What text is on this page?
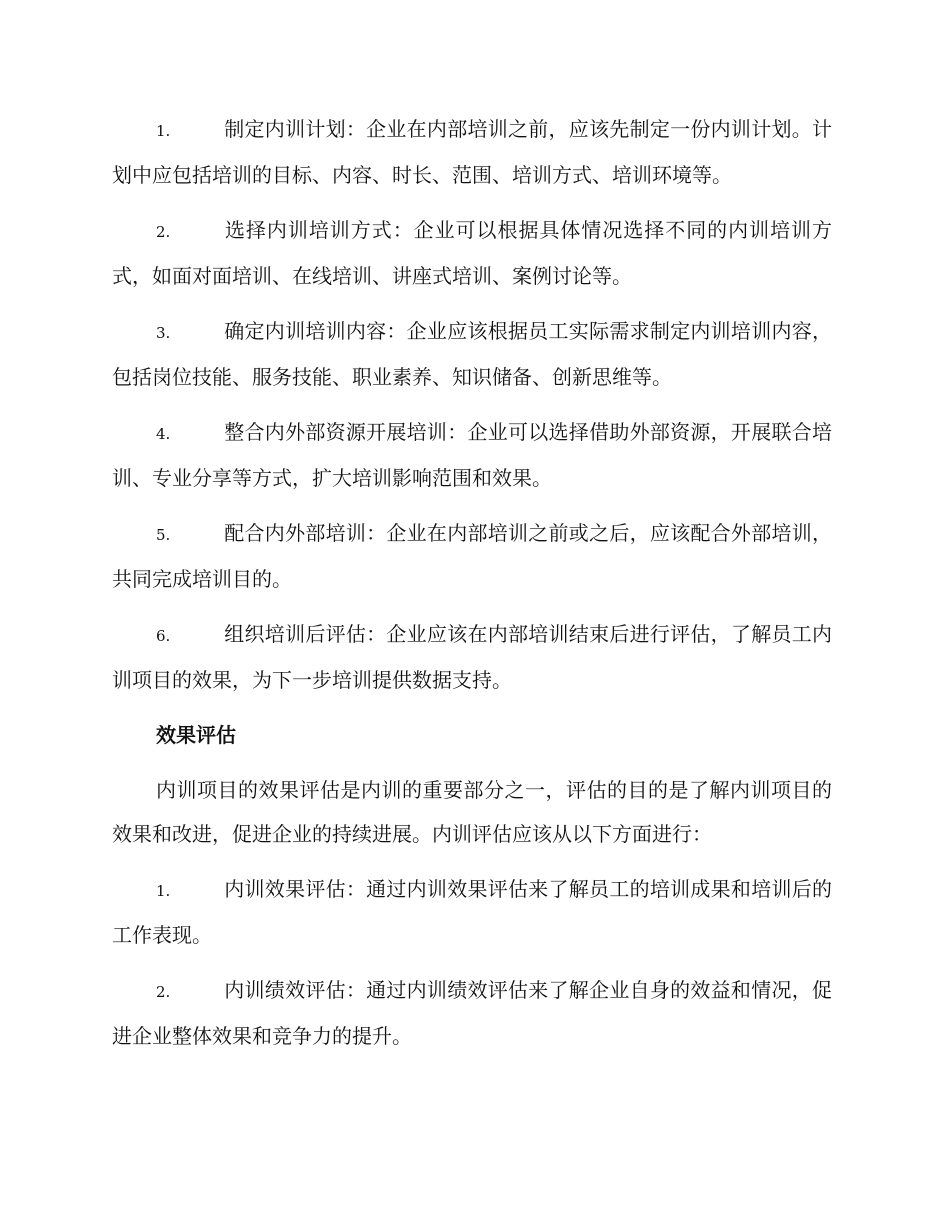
1.	制定内训计划：企业在内部培训之前，应该先制定一份内训计划。计划中应包括培训的目标、内容、时长、范围、培训方式、培训环境等。

2.	选择内训培训方式：企业可以根据具体情况选择不同的内训培训方式，如面对面培训、在线培训、讲座式培训、案例讨论等。

3.	确定内训培训内容：企业应该根据员工实际需求制定内训培训内容，包括岗位技能、服务技能、职业素养、知识储备、创新思维等。

4.	整合内外部资源开展培训：企业可以选择借助外部资源，开展联合培训、专业分享等方式，扩大培训影响范围和效果。

5.	配合内外部培训：企业在内部培训之前或之后，应该配合外部培训，共同完成培训目的。

6.	组织培训后评估：企业应该在内部培训结束后进行评估，了解员工内训项目的效果，为下一步培训提供数据支持。

效果评估

内训项目的效果评估是内训的重要部分之一，评估的目的是了解内训项目的效果和改进，促进企业的持续进展。内训评估应该从以下方面进行：

1.	内训效果评估：通过内训效果评估来了解员工的培训成果和培训后的工作表现。

2.	内训绩效评估：通过内训绩效评估来了解企业自身的效益和情况，促进企业整体效果和竞争力的提升。
